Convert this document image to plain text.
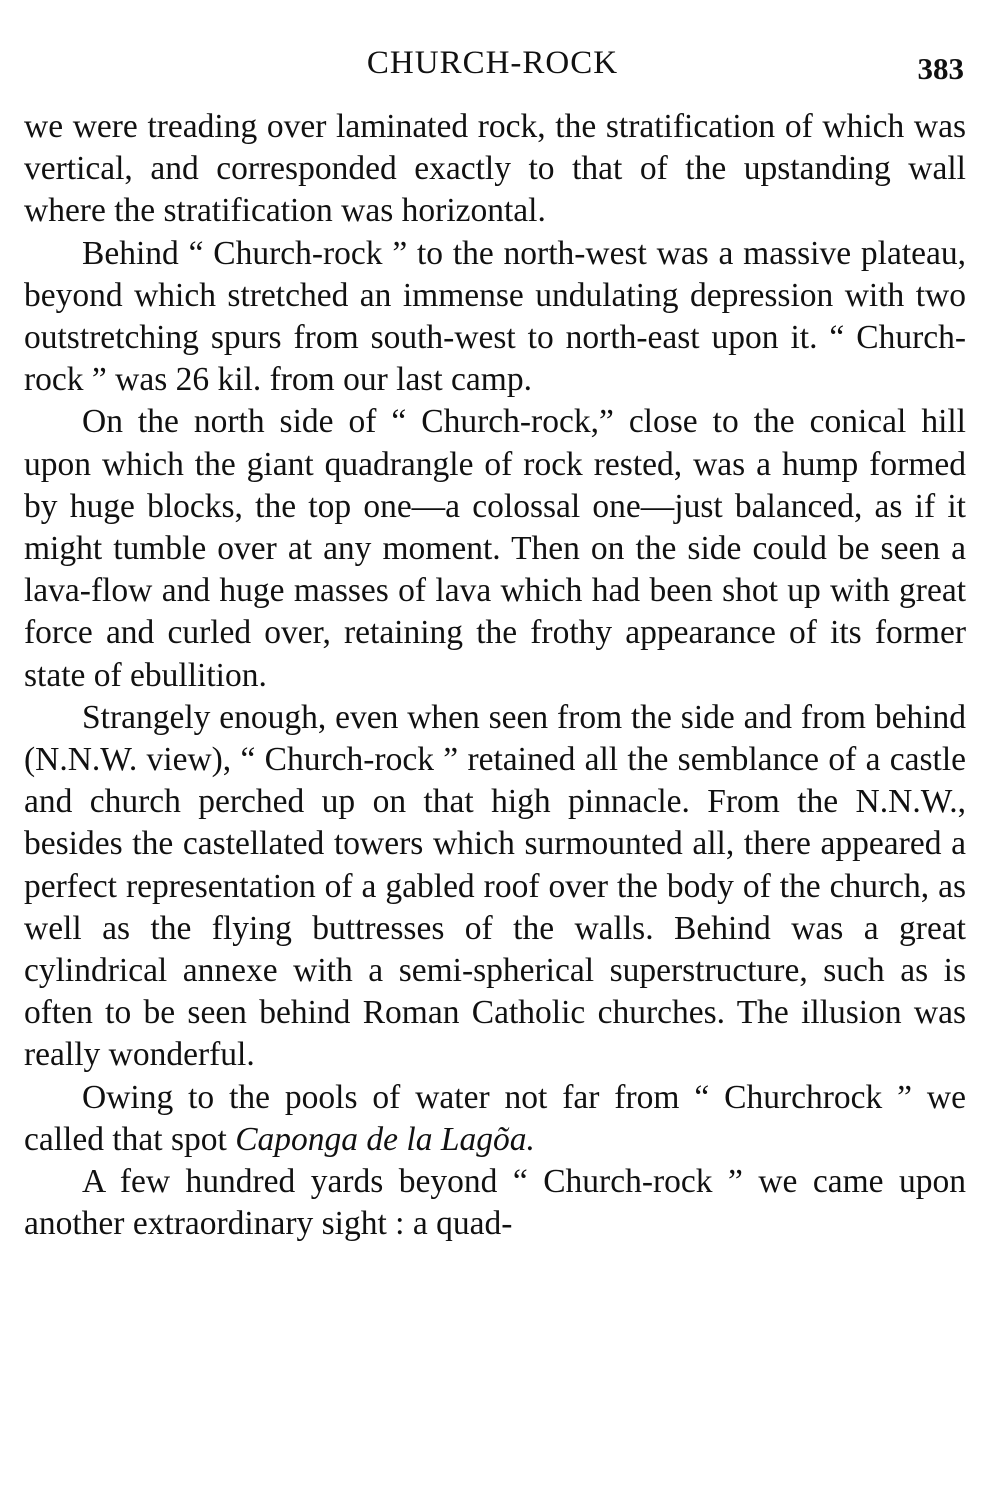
CHURCH-ROCK	383

we were treading over laminated rock, the stratification of which was vertical, and corresponded exactly to that of the upstanding wall where the stratification was horizontal.

Behind “ Church-rock ” to the north-west was a massive plateau, beyond which stretched an immense undulating depression with two outstretching spurs from south-west to north-east upon it. “ Church-rock ” was 26 kil. from our last camp.

On the north side of “ Church-rock,” close to the conical hill upon which the giant quadrangle of rock rested, was a hump formed by huge blocks, the top one—a colossal one—just balanced, as if it might tumble over at any moment. Then on the side could be seen a lava-flow and huge masses of lava which had been shot up with great force and curled over, retaining the frothy appearance of its former state of ebullition.

Strangely enough, even when seen from the side and from behind (N.N.W. view), “ Church-rock ” retained all the semblance of a castle and church perched up on that high pinnacle. From the N.N.W., besides the castellated towers which surmounted all, there appeared a perfect representation of a gabled roof over the body of the church, as well as the flying buttresses of the walls. Behind was a great cylindrical annexe with a semi-spherical superstructure, such as is often to be seen behind Roman Catholic churches. The illusion was really wonderful.

Owing to the pools of water not far from “ Churchrock ” we called that spot Caponga de la Lagõa.

A few hundred yards beyond “ Church-rock ” we came upon another extraordinary sight : a quad-
